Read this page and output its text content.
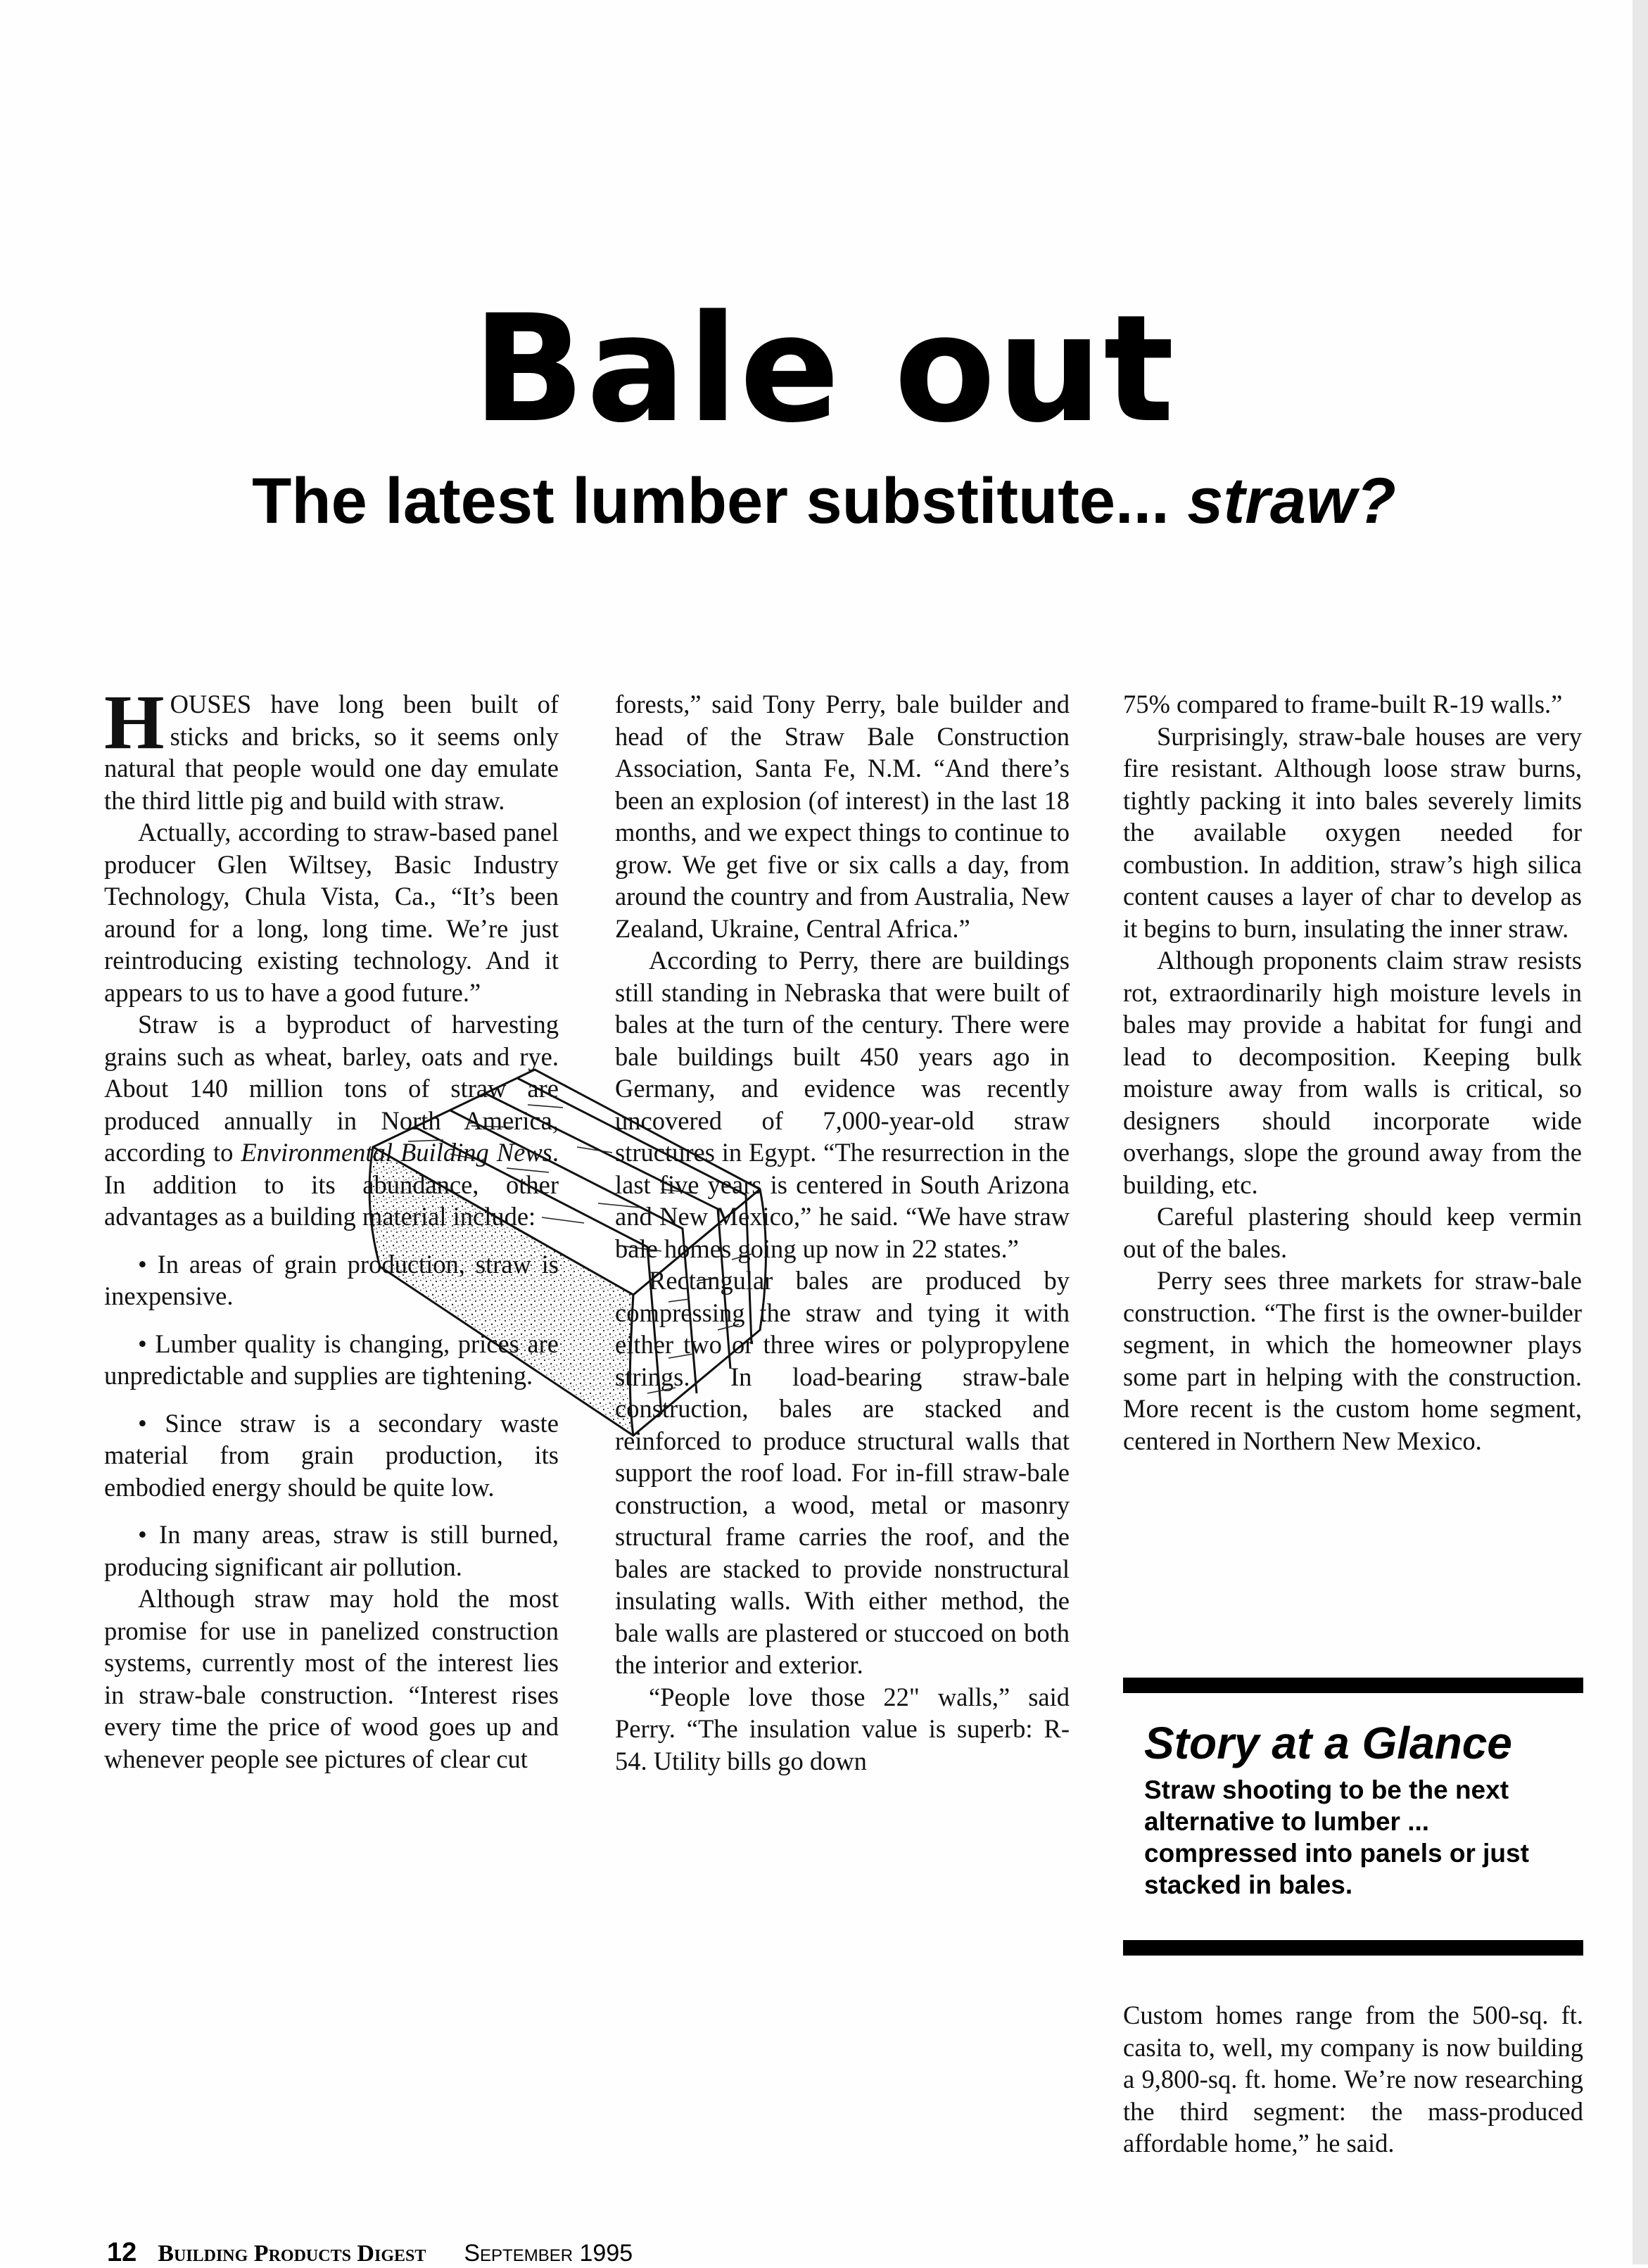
Bale out
The latest lumber substitute... straw?

HOUSES have long been built of sticks and bricks, so it seems only natural that people would one day emulate the third little pig and build with straw.

Actually, according to straw-based panel producer Glen Wiltsey, Basic Industry Technology, Chula Vista, Ca., “It’s been around for a long, long time. We’re just reintroducing existing technology. And it appears to us to have a good future.”

Straw is a byproduct of harvesting grains such as wheat, barley, oats and rye. About 140 million tons of straw are produced annually in North America, according to Environmental Building News. In addition to its abundance, other advantages as a building material include:

• In areas of grain production, straw is inexpensive.

• Lumber quality is changing, prices are unpredictable and supplies are tightening.

• Since straw is a secondary waste material from grain production, its embodied energy should be quite low.

• In many areas, straw is still burned, producing significant air pollution.

Although straw may hold the most promise for use in panelized construction systems, currently most of the interest lies in straw-bale construction. “Interest rises every time the price of wood goes up and whenever people see pictures of clear cut

forests,” said Tony Perry, bale builder and head of the Straw Bale Construction Association, Santa Fe, N.M. “And there’s been an explosion (of interest) in the last 18 months, and we expect things to continue to grow. We get five or six calls a day, from around the country and from Australia, New Zealand, Ukraine, Central Africa.”

According to Perry, there are buildings still standing in Nebraska that were built of bales at the turn of the century. There were bale buildings built 450 years ago in Germany, and evidence was recently uncovered of 7,000-year-old straw structures in Egypt. “The resurrection in the last five years is centered in South Arizona and New Mexico,” he said. “We have straw bale homes going up now in 22 states.”

Rectangular bales are produced by compressing the straw and tying it with either two or three wires or polypropylene strings. In load-bearing straw-bale construction, bales are stacked and reinforced to produce structural walls that support the roof load. For in-fill straw-bale construction, a wood, metal or masonry structural frame carries the roof, and the bales are stacked to provide nonstructural insulating walls. With either method, the bale walls are plastered or stuccoed on both the interior and exterior.

“People love those 22" walls,” said Perry. “The insulation value is superb: R-54. Utility bills go down

75% compared to frame-built R-19 walls.”

Surprisingly, straw-bale houses are very fire resistant. Although loose straw burns, tightly packing it into bales severely limits the available oxygen needed for combustion. In addition, straw’s high silica content causes a layer of char to develop as it begins to burn, insulating the inner straw.

Although proponents claim straw resists rot, extraordinarily high moisture levels in bales may provide a habitat for fungi and lead to decomposition. Keeping bulk moisture away from walls is critical, so designers should incorporate wide overhangs, slope the ground away from the building, etc.

Careful plastering should keep vermin out of the bales.

Perry sees three markets for straw-bale construction. “The first is the owner-builder segment, in which the homeowner plays some part in helping with the construction. More recent is the custom home segment, centered in Northern New Mexico.

Story at a Glance

Straw shooting to be the next alternative to lumber ... compressed into panels or just stacked in bales.

Custom homes range from the 500-sq. ft. casita to, well, my company is now building a 9,800-sq. ft. home. We’re now researching the third segment: the mass-produced affordable home,” he said.

12 Building Products Digest September 1995
